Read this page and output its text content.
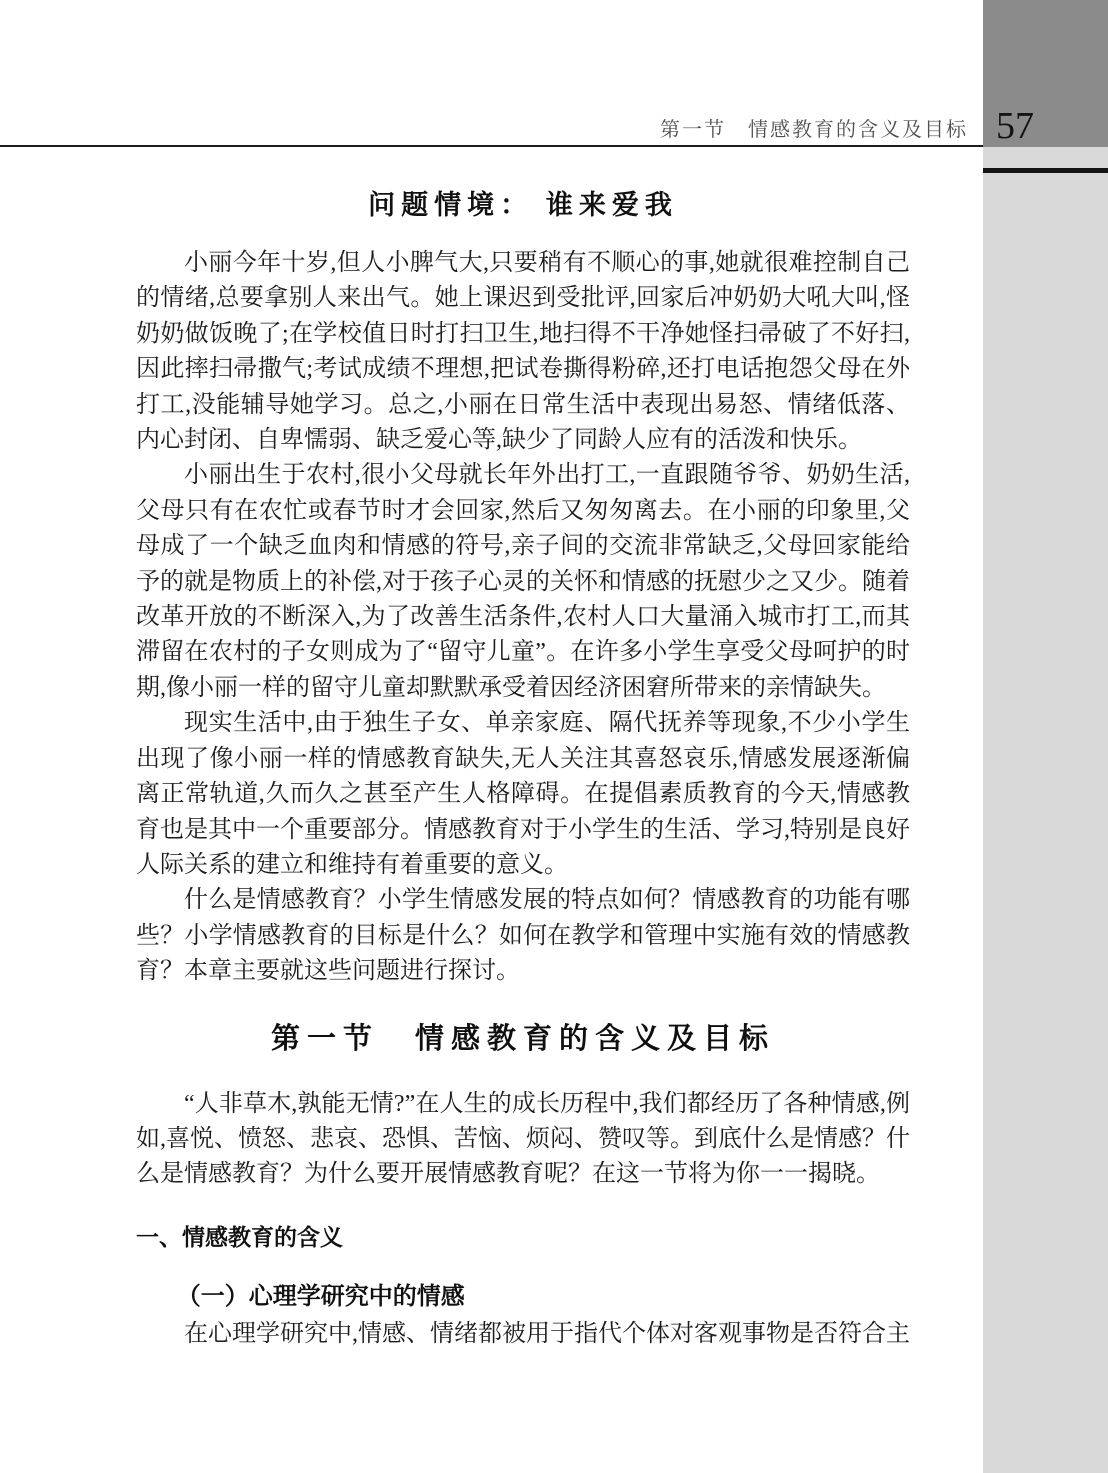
第一节　情感教育的含义及目标 57
问题情境： 谁来爱我

小丽今年十岁,但人小脾气大,只要稍有不顺心的事,她就很难控制自己的情绪,总要拿别人来出气。她上课迟到受批评,回家后冲奶奶大吼大叫,怪奶奶做饭晚了;在学校值日时打扫卫生,地扫得不干净她怪扫帚破了不好扫,因此摔扫帚撒气;考试成绩不理想,把试卷撕得粉碎,还打电话抱怨父母在外打工,没能辅导她学习。总之,小丽在日常生活中表现出易怒、情绪低落、内心封闭、自卑懦弱、缺乏爱心等,缺少了同龄人应有的活泼和快乐。

小丽出生于农村,很小父母就长年外出打工,一直跟随爷爷、奶奶生活,父母只有在农忙或春节时才会回家,然后又匆匆离去。在小丽的印象里,父母成了一个缺乏血肉和情感的符号,亲子间的交流非常缺乏,父母回家能给予的就是物质上的补偿,对于孩子心灵的关怀和情感的抚慰少之又少。随着改革开放的不断深入,为了改善生活条件,农村人口大量涌入城市打工,而其滞留在农村的子女则成为了“留守儿童”。在许多小学生享受父母呵护的时期,像小丽一样的留守儿童却默默承受着因经济困窘所带来的亲情缺失。

现实生活中,由于独生子女、单亲家庭、隔代抚养等现象,不少小学生出现了像小丽一样的情感教育缺失,无人关注其喜怒哀乐,情感发展逐渐偏离正常轨道,久而久之甚至产生人格障碍。在提倡素质教育的今天,情感教育也是其中一个重要部分。情感教育对于小学生的生活、学习,特别是良好人际关系的建立和维持有着重要的意义。

什么是情感教育？小学生情感发展的特点如何？情感教育的功能有哪些？小学情感教育的目标是什么？如何在教学和管理中实施有效的情感教育？本章主要就这些问题进行探讨。

第一节　情感教育的含义及目标

“人非草木,孰能无情?”在人生的成长历程中,我们都经历了各种情感,例如,喜悦、愤怒、悲哀、恐惧、苦恼、烦闷、赞叹等。到底什么是情感？什么是情感教育？为什么要开展情感教育呢？在这一节将为你一一揭晓。

一、情感教育的含义
（一）心理学研究中的情感

在心理学研究中,情感、情绪都被用于指代个体对客观事物是否符合主
